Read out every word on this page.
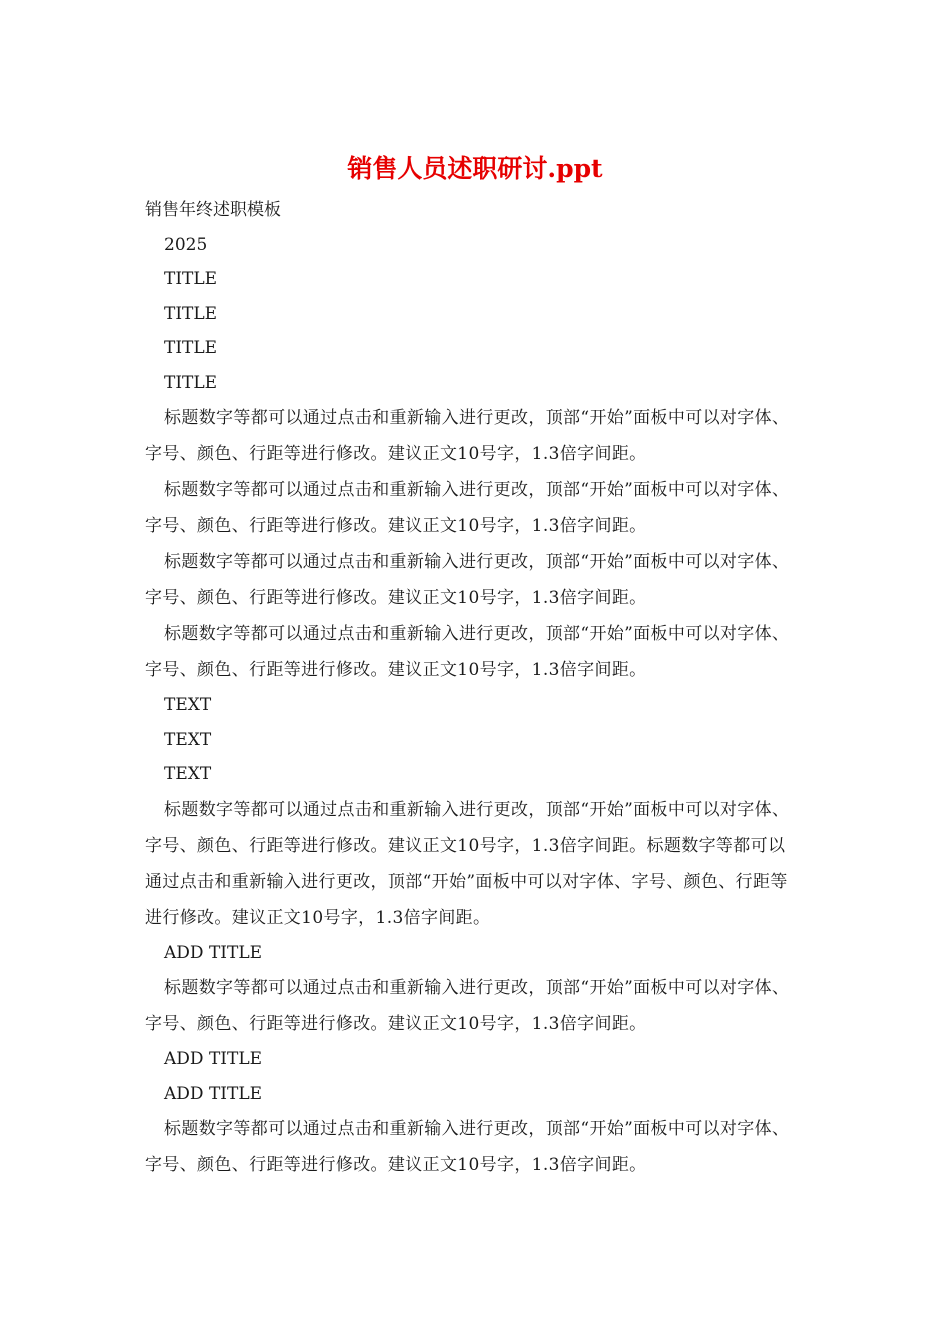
销售人员述职研讨.ppt
销售年终述职模板
2025
TITLE
TITLE
TITLE
TITLE
标题数字等都可以通过点击和重新输入进行更改，顶部“开始”面板中可以对字体、字号、颜色、行距等进行修改。建议正文10号字，1.3倍字间距。
标题数字等都可以通过点击和重新输入进行更改，顶部“开始”面板中可以对字体、字号、颜色、行距等进行修改。建议正文10号字，1.3倍字间距。
标题数字等都可以通过点击和重新输入进行更改，顶部“开始”面板中可以对字体、字号、颜色、行距等进行修改。建议正文10号字，1.3倍字间距。
标题数字等都可以通过点击和重新输入进行更改，顶部“开始”面板中可以对字体、字号、颜色、行距等进行修改。建议正文10号字，1.3倍字间距。
TEXT
TEXT
TEXT
标题数字等都可以通过点击和重新输入进行更改，顶部“开始”面板中可以对字体、字号、颜色、行距等进行修改。建议正文10号字，1.3倍字间距。标题数字等都可以通过点击和重新输入进行更改，顶部“开始”面板中可以对字体、字号、颜色、行距等进行修改。建议正文10号字，1.3倍字间距。
ADD TITLE
标题数字等都可以通过点击和重新输入进行更改，顶部“开始”面板中可以对字体、字号、颜色、行距等进行修改。建议正文10号字，1.3倍字间距。
ADD TITLE
ADD TITLE
标题数字等都可以通过点击和重新输入进行更改，顶部“开始”面板中可以对字体、字号、颜色、行距等进行修改。建议正文10号字，1.3倍字间距。
